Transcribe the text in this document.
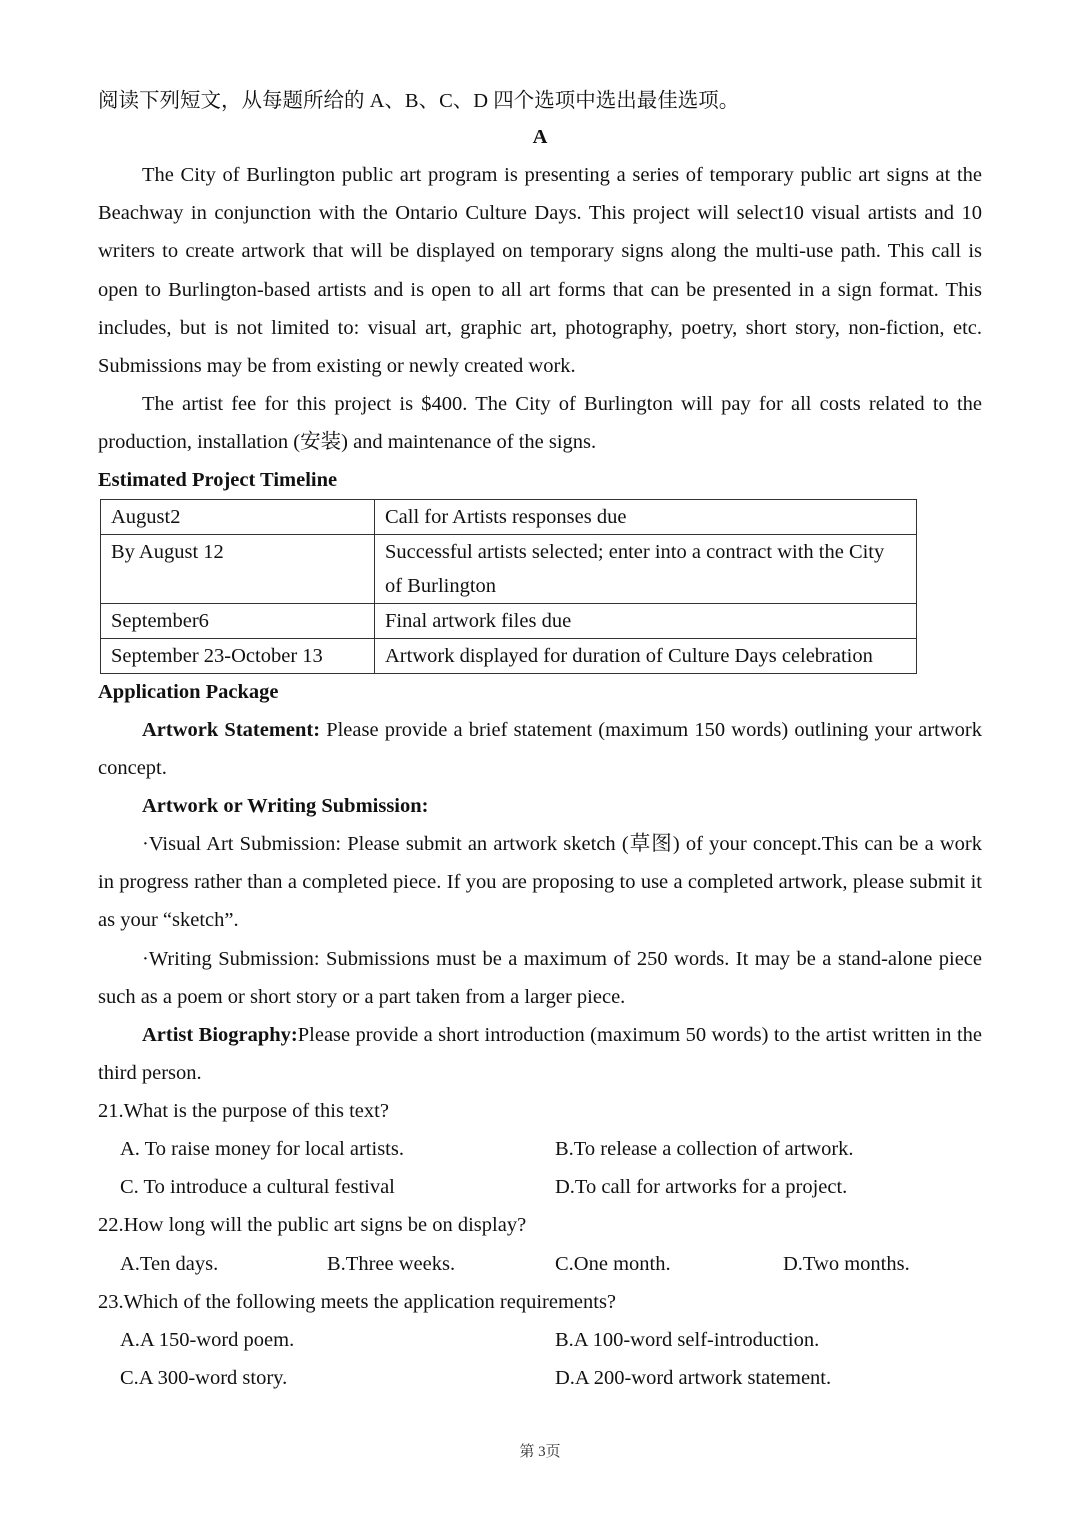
阅读下列短文，从每题所给的 A、B、C、D 四个选项中选出最佳选项。
A
The City of Burlington public art program is presenting a series of temporary public art signs at the Beachway in conjunction with the Ontario Culture Days. This project will select10 visual artists and 10 writers to create artwork that will be displayed on temporary signs along the multi-use path. This call is open to Burlington-based artists and is open to all art forms that can be presented in a sign format. This includes, but is not limited to: visual art, graphic art, photography, poetry, short story, non-fiction, etc. Submissions may be from existing or newly created work.
The artist fee for this project is $400. The City of Burlington will pay for all costs related to the production, installation (安装) and maintenance of the signs.
Estimated Project Timeline
August2	Call for Artists responses due
By August 12	Successful artists selected; enter into a contract with the City of Burlington
September6	Final artwork files due
September 23-October 13	Artwork displayed for duration of Culture Days celebration
Application Package
Artwork Statement: Please provide a brief statement (maximum 150 words) outlining your artwork concept.
Artwork or Writing Submission:
·Visual Art Submission: Please submit an artwork sketch (草图) of your concept.This can be a work in progress rather than a completed piece. If you are proposing to use a completed artwork, please submit it as your “sketch”.
·Writing Submission: Submissions must be a maximum of 250 words. It may be a stand-alone piece such as a poem or short story or a part taken from a larger piece.
Artist Biography:Please provide a short introduction (maximum 50 words) to the artist written in the third person.
21.What is the purpose of this text?
A. To raise money for local artists.	B.To release a collection of artwork.
C. To introduce a cultural festival	D.To call for artworks for a project.
22.How long will the public art signs be on display?
A.Ten days.	B.Three weeks.	C.One month.	D.Two months.
23.Which of the following meets the application requirements?
A.A 150-word poem.	B.A 100-word self-introduction.
C.A 300-word story.	D.A 200-word artwork statement.
第 3页
